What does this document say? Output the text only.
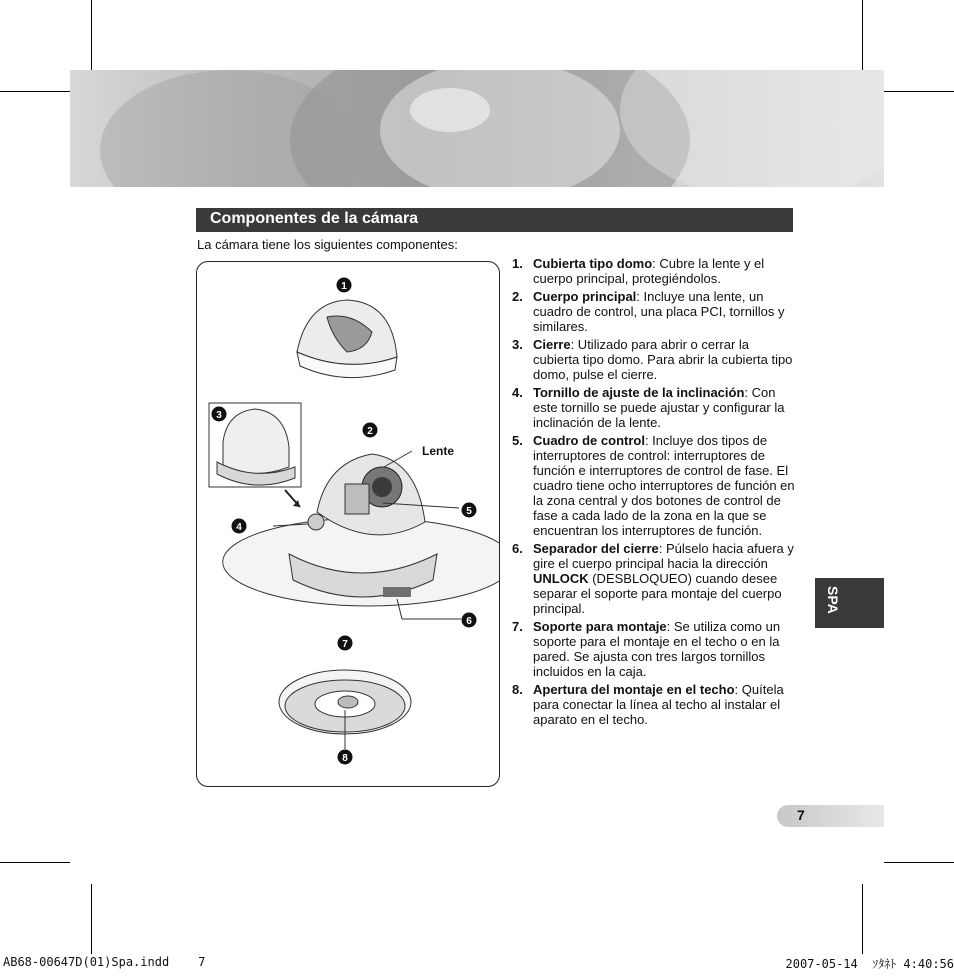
Componentes de la cámara
La cámara tiene los siguientes componentes:
Lente
1
2
3
4
5
6
7
8
1. Cubierta tipo domo: Cubre la lente y el cuerpo principal, protegiéndolos.
2. Cuerpo principal: Incluye una lente, un cuadro de control, una placa PCI, tornillos y similares.
3. Cierre: Utilizado para abrir o cerrar la cubierta tipo domo. Para abrir la cubierta tipo domo, pulse el cierre.
4. Tornillo de ajuste de la inclinación: Con este tornillo se puede ajustar y configurar la inclinación de la lente.
5. Cuadro de control: Incluye dos tipos de interruptores de control: interruptores de función e interruptores de control de fase. El cuadro tiene ocho interruptores de función en la zona central y dos botones de control de fase a cada lado de la zona en la que se encuentran los interruptores de función.
6. Separador del cierre: Púlselo hacia afuera y gire el cuerpo principal hacia la dirección UNLOCK (DESBLOQUEO) cuando desee separar el soporte para montaje del cuerpo principal.
7. Soporte para montaje: Se utiliza como un soporte para el montaje en el techo o en la pared. Se ajusta con tres largos tornillos incluidos en la caja.
8. Apertura del montaje en el techo: Quítela para conectar la línea al techo al instalar el aparato en el techo.
SPA
7
AB68-00647D(01)Spa.indd    7	2007-05-14  ｿﾀﾈﾄ 4:40:56
